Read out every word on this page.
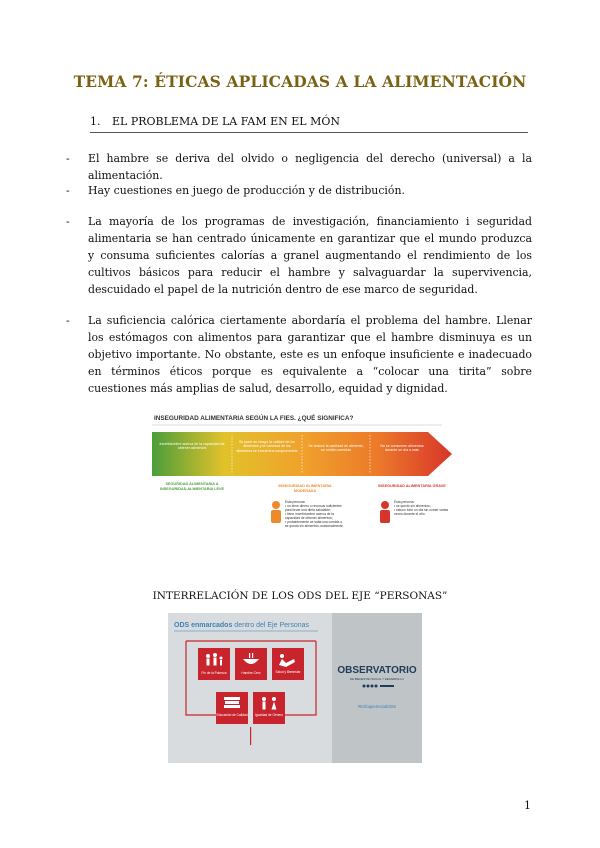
TEMA 7: ÉTICAS APLICADAS A LA ALIMENTACIÓN
1. EL PROBLEMA DE LA FAM EN EL MÓN
- El hambre se deriva del olvido o negligencia del derecho (universal) a la alimentación.
- Hay cuestiones en juego de producción y de distribución.
- La mayoría de los programas de investigación, financiamiento i seguridad alimentaria se han centrado únicamente en garantizar que el mundo produzca y consuma suficientes calorías a granel augmentando el rendimiento de los cultivos básicos para reducir el hambre y salvaguardar la supervivencia, descuidado el papel de la nutrición dentro de ese marco de seguridad.
- La suficiencia calórica ciertamente abordaría el problema del hambre. Llenar los estómagos con alimentos para garantizar que el hambre disminuya es un objetivo importante. No obstante, este es un enfoque insuficiente e inadecuado en términos éticos porque es equivalente a “colocar una tirita” sobre cuestiones más amplias de salud, desarrollo, equidad y dignidad.
INSEGURIDAD ALIMENTARIA SEGÚN LA FIES. ¿QUÉ SIGNIFICA?
Incertidumbre acerca de la capacidad de obtener alimentos
Se pone en riesgo la calidad de los alimentos y la variedad de los alimentos se encuentra comprometida
Se reduce la cantidad de alimento, se omiten comidas
No se consumen alimentos durante un día o más
SEGURIDAD ALIMENTARIA A INSEGURIDAD ALIMENTARIA LEVE
INSEGURIDAD ALIMENTARIA MODERADA
INSEGURIDAD ALIMENTARIA GRAVE
Esta persona:
• no tiene dinero o recursos suficientes para llevar una dieta saludable;
• tiene incertidumbre acerca de la capacidad de obtener alimentos;
• probablemente se salta una comida o se queda sin alimentos ocasionalmente.
Esta persona:
• se quedó sin alimentos;
• estuvo todo un día sin comer varias veces durante el año.
INTERRELACIÓN DE LOS ODS DEL EJE “PERSONAS”
ODS enmarcados dentro del Eje Personas
Fin de la Pobreza	Hambre Cero	Salud y Bienestar
Educación de Calidad Igualdad de Género
OBSERVATORIO
DE BIENESTAR SOCIAL Y DESARROLLO
#EnfoqueSocialODS
1
